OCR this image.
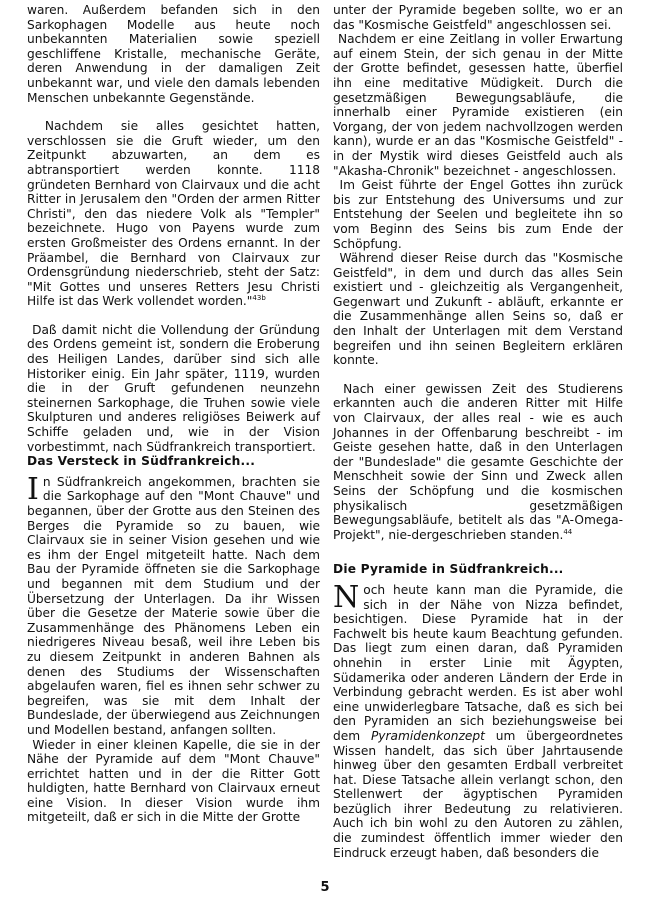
waren. Außerdem befanden sich in den Sarkophagen Modelle aus heute noch unbekannten Materialien sowie speziell geschliffene Kristalle, mechanische Geräte, deren Anwendung in der damaligen Zeit unbekannt war, und viele den damals lebenden Menschen unbekannte Gegenstände.

Nachdem sie alles gesichtet hatten, verschlossen sie die Gruft wieder, um den Zeitpunkt abzuwarten, an dem es abtransportiert werden konnte. 1118 gründeten Bernhard von Clairvaux und die acht Ritter in Jerusalem den "Orden der armen Ritter Christi", den das niedere Volk als "Templer" bezeichnete. Hugo von Payens wurde zum ersten Großmeister des Ordens ernannt. In der Präambel, die Bernhard von Clairvaux zur Ordensgründung niederschrieb, steht der Satz: "Mit Gottes und unseres Retters Jesu Christi Hilfe ist das Werk vollendet worden."$^{43b}$

Daß damit nicht die Vollendung der Gründung des Ordens gemeint ist, sondern die Eroberung des Heiligen Landes, darüber sind sich alle Historiker einig. Ein Jahr später, 1119, wurden die in der Gruft gefundenen neunzehn steinernen Sarkophage, die Truhen sowie viele Skulpturen und anderes religiöses Beiwerk auf Schiffe geladen und, wie in der Vision vorbestimmt, nach Südfrankreich transportiert.

Das Versteck in Südfrankreich...

In Südfrankreich angekommen, brachten sie die Sarkophage auf den "Mont Chauve" und begannen, über der Grotte aus den Steinen des Berges die Pyramide so zu bauen, wie Clairvaux sie in seiner Vision gesehen und wie es ihm der Engel mitgeteilt hatte. Nach dem Bau der Pyramide öffneten sie die Sarkophage und begannen mit dem Studium und der Übersetzung der Unterlagen. Da ihr Wissen über die Gesetze der Materie sowie über die Zusammenhänge des Phänomens Leben ein niedrigeres Niveau besaß, weil ihre Leben bis zu diesem Zeitpunkt in anderen Bahnen als denen des Studiums der Wissenschaften abgelaufen waren, fiel es ihnen sehr schwer zu begreifen, was sie mit dem Inhalt der Bundeslade, der überwiegend aus Zeichnungen und Modellen bestand, anfangen sollten.

Wieder in einer kleinen Kapelle, die sie in der Nähe der Pyramide auf dem "Mont Chauve" errichtet hatten und in der die Ritter Gott huldigten, hatte Bernhard von Clairvaux erneut eine Vision. In dieser Vision wurde ihm mitgeteilt, daß er sich in die Mitte der Grotte

unter der Pyramide begeben sollte, wo er an das "Kosmische Geistfeld" angeschlossen sei.

Nachdem er eine Zeitlang in voller Erwartung auf einem Stein, der sich genau in der Mitte der Grotte befindet, gesessen hatte, überfiel ihn eine meditative Müdigkeit. Durch die gesetzmäßigen Bewegungsabläufe, die innerhalb einer Pyramide existieren (ein Vorgang, der von jedem nachvollzogen werden kann), wurde er an das "Kosmische Geistfeld" - in der Mystik wird dieses Geistfeld auch als "Akasha-Chronik" bezeichnet - angeschlossen.

Im Geist führte der Engel Gottes ihn zurück bis zur Entstehung des Universums und zur Entstehung der Seelen und begleitete ihn so vom Beginn des Seins bis zum Ende der Schöpfung.

Während dieser Reise durch das "Kosmische Geistfeld", in dem und durch das alles Sein existiert und - gleichzeitig als Vergangenheit, Gegenwart und Zukunft - abläuft, erkannte er die Zusammenhänge allen Seins so, daß er den Inhalt der Unterlagen mit dem Verstand begreifen und ihn seinen Begleitern erklären konnte.

Nach einer gewissen Zeit des Studierens erkannten auch die anderen Ritter mit Hilfe von Clairvaux, der alles real - wie es auch Johannes in der Offenbarung beschreibt - im Geiste gesehen hatte, daß in den Unterlagen der "Bundeslade" die gesamte Geschichte der Menschheit sowie der Sinn und Zweck allen Seins der Schöpfung und die kosmischen physikalisch gesetzmäßigen Bewegungsabläufe, betitelt als das "A-Omega-Projekt", nie-dergeschrieben standen.$^{44}$

Die Pyramide in Südfrankreich...

Noch heute kann man die Pyramide, die sich in der Nähe von Nizza befindet, besichtigen. Diese Pyramide hat in der Fachwelt bis heute kaum Beachtung gefunden. Das liegt zum einen daran, daß Pyramiden ohnehin in erster Linie mit Ägypten, Südamerika oder anderen Ländern der Erde in Verbindung gebracht werden. Es ist aber wohl eine unwiderlegbare Tatsache, daß es sich bei den Pyramiden an sich beziehungsweise bei dem Pyramidenkonzept um übergeordnetes Wissen handelt, das sich über Jahrtausende hinweg über den gesamten Erdball verbreitet hat. Diese Tatsache allein verlangt schon, den Stellenwert der ägyptischen Pyramiden bezüglich ihrer Bedeutung zu relativieren. Auch ich bin wohl zu den Autoren zu zählen, die zumindest öffentlich immer wieder den Eindruck erzeugt haben, daß besonders die

5
